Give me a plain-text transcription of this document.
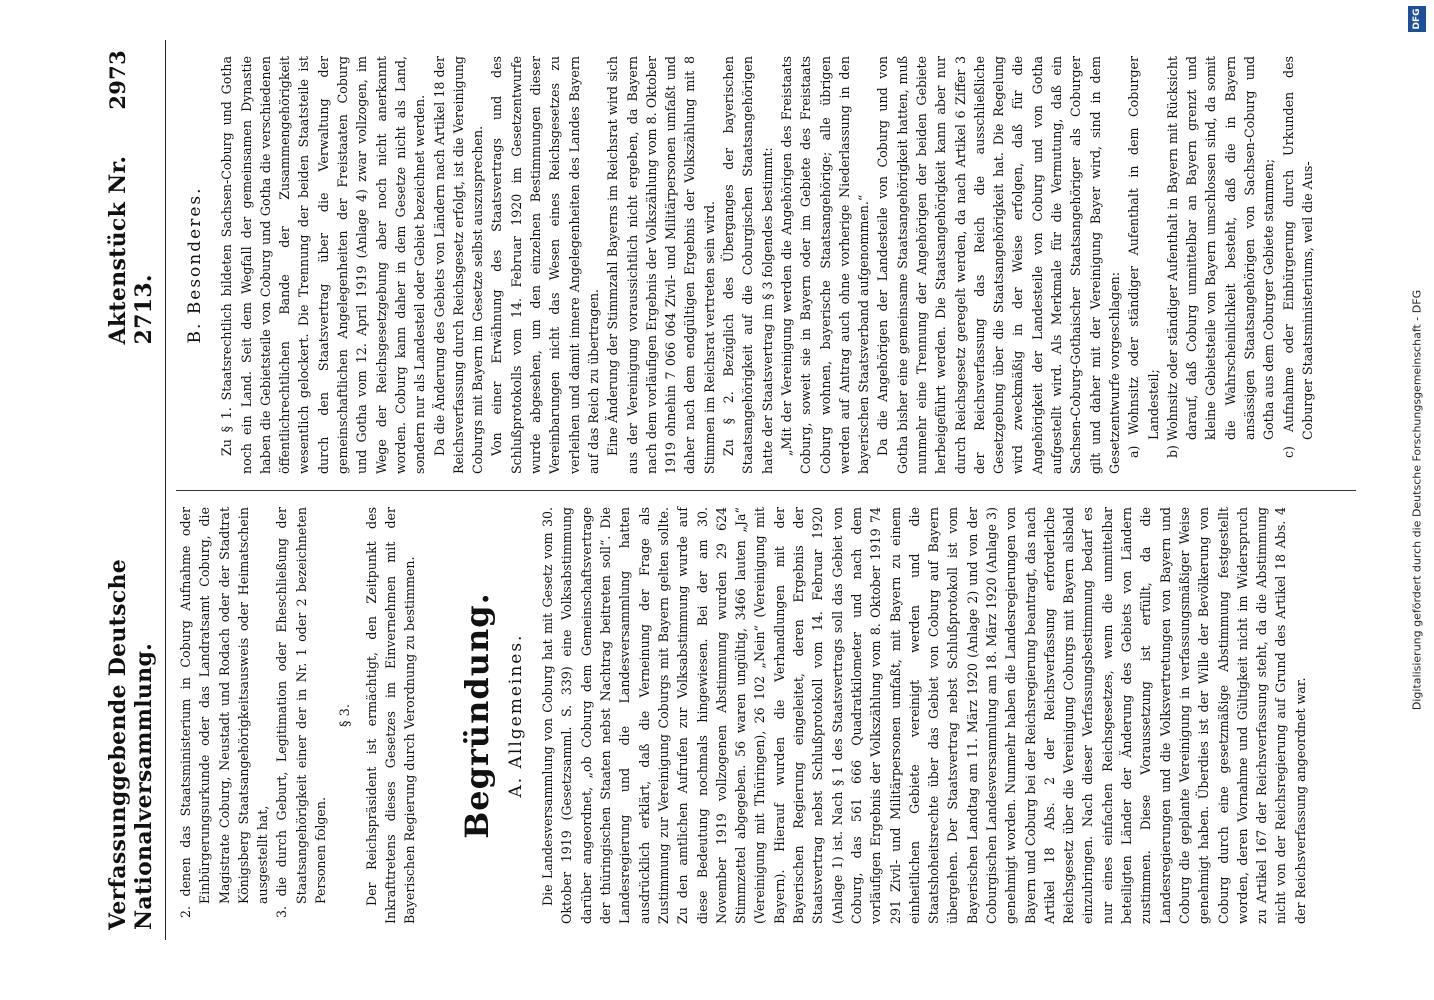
Verfassunggebende Deutsche Nationalversammlung.
Aktenstück Nr. 2713.
2973

2. denen das Staatsministerium in Coburg Aufnahme oder Einbürgerungsurkunde oder das Landratsamt Coburg, die Magistrate Coburg, Neustadt und Rodach oder der Stadtrat Königsberg Staatsangehörigkeitsausweis oder Heimatschein ausgestellt hat, 3. die durch Geburt, Legitimation oder Eheschließung der Staatsangehörigkeit einer der in Nr. 1 oder 2 bezeichneten Personen folgen.

§ 3. Der Reichspräsident ist ermächtigt, den Zeitpunkt des Inkrafttretens dieses Gesetzes im Einvernehmen mit der Bayerischen Regierung durch Verordnung zu bestimmen. Begründung. A. Allgemeines. Die Landesversammlung von Coburg hat mit Gesetz vom 30. Oktober 1919 (Gesetzsamml. S. 339) eine Volksabstimmung darüber angeordnet, „ob Coburg dem Gemeinschaftsvertrage der thüringischen Staaten nebst Nachtrag beitreten soll“. Die Landesregierung und die Landesversammlung hatten ausdrücklich erklärt, daß die Verneinung der Frage als Zustimmung zur Vereinigung Coburgs mit Bayern gelten sollte. Zu den amtlichen Aufrufen zur Volksabstimmung wurde auf diese Bedeutung nochmals hingewiesen. Bei der am 30. November 1919 vollzogenen Abstimmung wurden 29 624 Stimmzettel abgegeben. 56 waren ungültig, 3466 lauten „Ja“ (Vereinigung mit Thüringen), 26 102 „Nein“ (Vereinigung mit Bayern). Hierauf wurden die Verhandlungen mit der Bayerischen Regierung eingeleitet, deren Ergebnis der Staatsvertrag nebst Schlußprotokoll vom 14. Februar 1920 (Anlage 1) ist. Nach § 1 des Staatsvertrags soll das Gebiet von Coburg, das 561 666 Quadratkilometer und nach dem vorläufigen Ergebnis der Volkszählung vom 8. Oktober 1919 74 291 Zivil- und Militärpersonen umfaßt, mit Bayern zu einem einheitlichen Gebiete vereinigt werden und die Staatshoheitsrechte über das Gebiet von Coburg auf Bayern übergehen. Der Staatsvertrag nebst Schlußprotokoll ist vom Bayerischen Landtag am 11. März 1920 (Anlage 2) und von der Coburgischen Landesversammlung am 18. März 1920 (Anlage 3) genehmigt worden. Nunmehr haben die Landesregierungen von Bayern und Coburg bei der Reichsregierung beantragt, das nach Artikel 18 Abs. 2 der Reichsverfassung erforderliche Reichsgesetz über die Vereinigung Coburgs mit Bayern alsbald einzubringen. Nach dieser Verfassungsbestimmung bedarf es nur eines einfachen Reichsgesetzes, wenn die unmittelbar beteiligten Länder der Änderung des Gebiets von Ländern zustimmen. Diese Voraussetzung ist erfüllt, da die Landesregierungen und die Volksvertretungen von Bayern und Coburg die geplante Vereinigung in verfassungsmäßiger Weise genehmigt haben. Überdies ist der Wille der Bevölkerung von Coburg durch eine gesetzmäßige Abstimmung festgestellt worden, deren Vornahme und Gültigkeit nicht im Widerspruch zu Artikel 167 der Reichsverfassung steht, da die Abstimmung nicht von der Reichsregierung auf Grund des Artikel 18 Abs. 4 der Reichsverfassung angeordnet war.

B. Besonderes. Zu § 1. Staatsrechtlich bildeten Sachsen-Coburg und Gotha noch ein Land. Seit dem Wegfall der gemeinsamen Dynastie haben die Gebietsteile von Coburg und Gotha die verschiedenen öffentlichrechtlichen Bande der Zusammengehörigkeit wesentlich gelockert. Die Trennung der beiden Staatsteile ist durch den Staatsvertrag über die Verwaltung der gemeinschaftlichen Angelegenheiten der Freistaaten Coburg und Gotha vom 12. April 1919 (Anlage 4) zwar vollzogen, im Wege der Reichsgesetzgebung aber noch nicht anerkannt worden. Coburg kann daher in dem Gesetze nicht als Land, sondern nur als Landesteil oder Gebiet bezeichnet werden. Da die Änderung des Gebiets von Ländern nach Artikel 18 der Reichsverfassung durch Reichsgesetz erfolgt, ist die Vereinigung Coburgs mit Bayern im Gesetze selbst auszusprechen. Von einer Erwähnung des Staatsvertrags und des Schlußprotokolls vom 14. Februar 1920 im Gesetzentwurfe wurde abgesehen, um den einzelnen Bestimmungen dieser Vereinbarungen nicht das Wesen eines Reichsgesetzes zu verleihen und damit innere Angelegenheiten des Landes Bayern auf das Reich zu übertragen. Eine Änderung der Stimmzahl Bayerns im Reichsrat wird sich aus der Vereinigung voraussichtlich nicht ergeben, da Bayern nach dem vorläufigen Ergebnis der Volkszählung vom 8. Oktober 1919 ohnehin 7 066 064 Zivil- und Militärpersonen umfaßt und daher nach dem endgültigen Ergebnis der Volkszählung mit 8 Stimmen im Reichsrat vertreten sein wird. Zu § 2. Bezüglich des Überganges der bayerischen Staatsangehörigkeit auf die Coburgischen Staatsangehörigen hatte der Staatsvertrag im § 3 folgendes bestimmt: „Mit der Vereinigung werden die Angehörigen des Freistaats Coburg, soweit sie in Bayern oder im Gebiete des Freistaats Coburg wohnen, bayerische Staatsangehörige; alle übrigen werden auf Antrag auch ohne vorherige Niederlassung in den bayerischen Staatsverband aufgenommen.“ Da die Angehörigen der Landesteile von Coburg und von Gotha bisher eine gemeinsame Staatsangehörigkeit hatten, muß nunmehr eine Trennung der Angehörigen der beiden Gebiete herbeigeführt werden. Die Staatsangehörigkeit kann aber nur durch Reichsgesetz geregelt werden, da nach Artikel 6 Ziffer 3 der Reichsverfassung das Reich die ausschließliche Gesetzgebung über die Staatsangehörigkeit hat. Die Regelung wird zweckmäßig in der Weise erfolgen, daß für die Angehörigkeit der Landesteile von Coburg und von Gotha aufgestellt wird. Als Merkmale für die Vermutung, daß ein Sachsen-Coburg-Gothaischer Staatsangehöriger als Coburger gilt und daher mit der Vereinigung Bayer wird, sind in dem Gesetzentwurfe vorgeschlagen: a) Wohnsitz oder ständiger Aufenthalt in dem Coburger Landesteil; b) Wohnsitz oder ständiger Aufenthalt in Bayern mit Rücksicht darauf, daß Coburg unmittelbar an Bayern grenzt und kleine Gebietsteile von Bayern umschlossen sind, da somit die Wahrscheinlichkeit besteht, daß die in Bayern ansässigen Staatsangehörigen von Sachsen-Coburg und Gotha aus dem Coburger Gebiete stammen; c) Aufnahme oder Einbürgerung durch Urkunden des Coburger Staatsministeriums, weil die Aus-

DFG
Digitalisierung gefördert durch die Deutsche Forschungsgemeinschaft - DFG
